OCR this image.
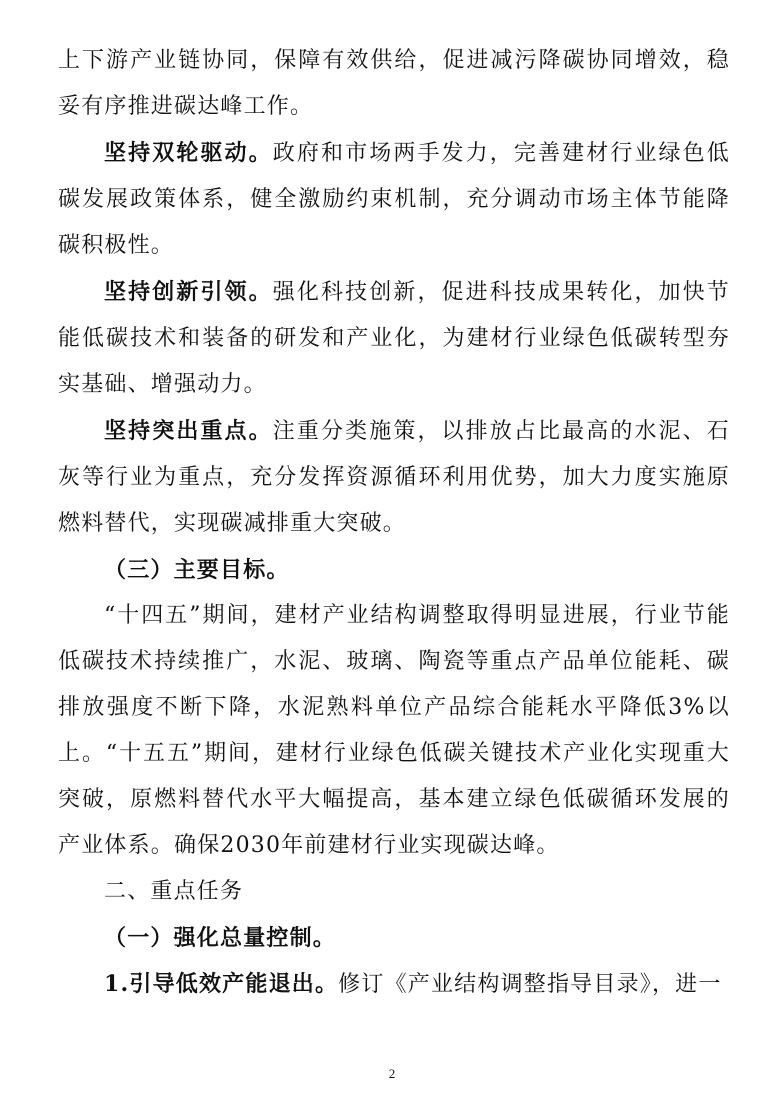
上下游产业链协同，保障有效供给，促进减污降碳协同增效，稳妥有序推进碳达峰工作。

坚持双轮驱动。政府和市场两手发力，完善建材行业绿色低碳发展政策体系，健全激励约束机制，充分调动市场主体节能降碳积极性。

坚持创新引领。强化科技创新，促进科技成果转化，加快节能低碳技术和装备的研发和产业化，为建材行业绿色低碳转型夯实基础、增强动力。

坚持突出重点。注重分类施策，以排放占比最高的水泥、石灰等行业为重点，充分发挥资源循环利用优势，加大力度实施原燃料替代，实现碳减排重大突破。

（三）主要目标。

“十四五”期间，建材产业结构调整取得明显进展，行业节能低碳技术持续推广，水泥、玻璃、陶瓷等重点产品单位能耗、碳排放强度不断下降，水泥熟料单位产品综合能耗水平降低3%以上。“十五五”期间，建材行业绿色低碳关键技术产业化实现重大突破，原燃料替代水平大幅提高，基本建立绿色低碳循环发展的产业体系。确保2030年前建材行业实现碳达峰。

二、重点任务

（一）强化总量控制。

1.引导低效产能退出。修订《产业结构调整指导目录》，进一

2
